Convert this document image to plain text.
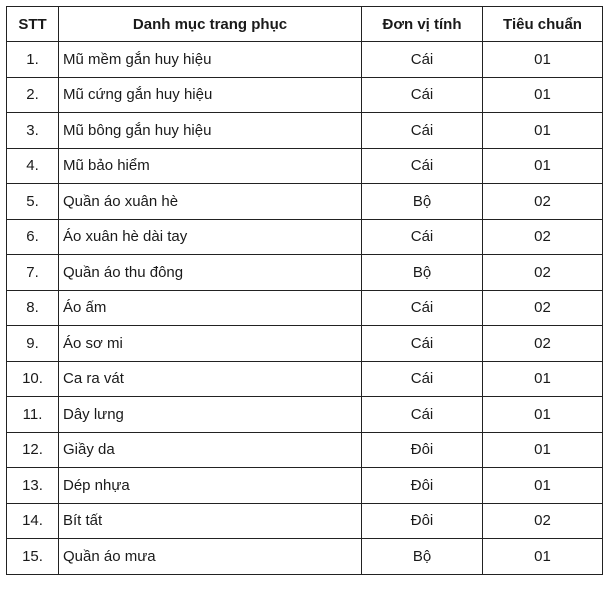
STT	Danh mục trang phục	Đơn vị tính	Tiêu chuẩn
1.	Mũ mềm gắn huy hiệu	Cái	01
2.	Mũ cứng gắn huy hiệu	Cái	01
3.	Mũ bông gắn huy hiệu	Cái	01
4.	Mũ bảo hiểm	Cái	01
5.	Quần áo xuân hè	Bộ	02
6.	Áo xuân hè dài tay	Cái	02
7.	Quần áo thu đông	Bộ	02
8.	Áo ấm	Cái	02
9.	Áo sơ mi	Cái	02
10.	Ca ra vát	Cái	01
11.	Dây lưng	Cái	01
12.	Giầy da	Đôi	01
13.	Dép nhựa	Đôi	01
14.	Bít tất	Đôi	02
15.	Quần áo mưa	Bộ	01
